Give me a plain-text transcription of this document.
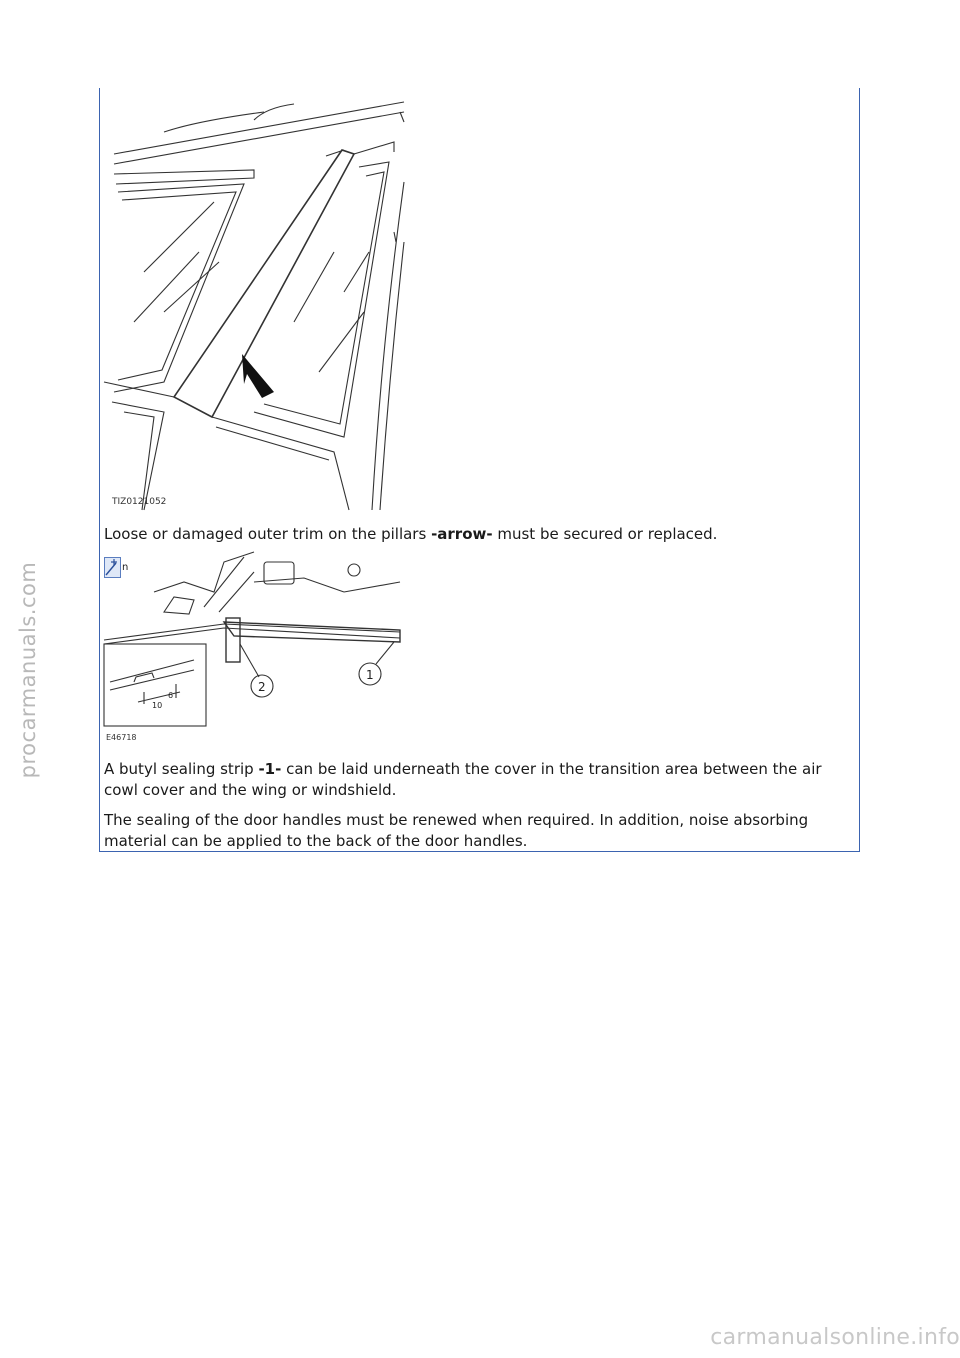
procarmanuals.com
TIZ0121052
2
1
10
6
E46718
n

Loose or damaged outer trim on the pillars -arrow- must be secured or replaced.

A butyl sealing strip -1- can be laid underneath the cover in the transition area between the air cowl cover and the wing or windshield.

The sealing of the door handles must be renewed when required. In addition, noise absorbing material can be applied to the back of the door handles.

carmanualsonline.info
